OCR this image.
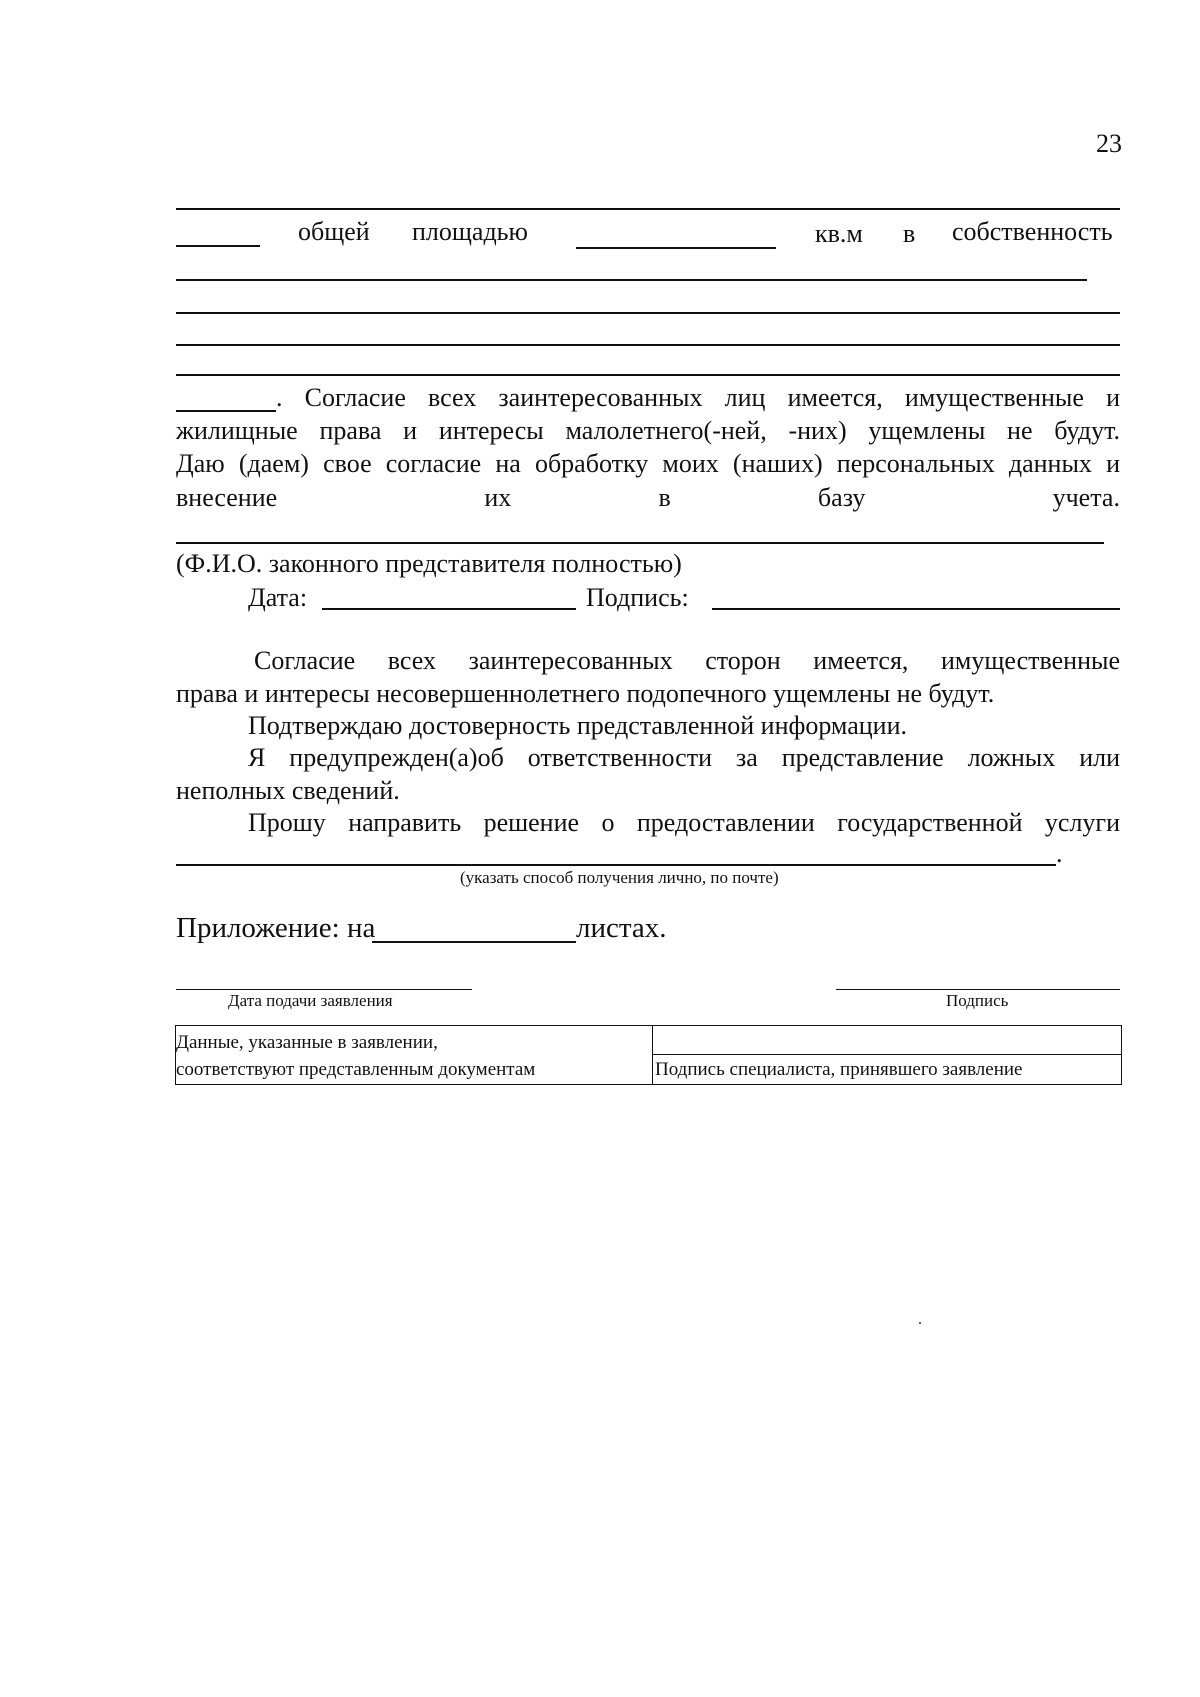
23
общей площадью	кв.м в собственность
. Согласие всех заинтересованных лиц имеется, имущественные и
жилищные права и интересы малолетнего(-ней, -них) ущемлены не будут.
Даю (даем) свое согласие на обработку моих (наших) персональных данных и
внесение	их	в	базу	учета.
(Ф.И.О. законного представителя полностью)
Дата:	Подпись:
Согласие всех заинтересованных сторон имеется, имущественные
права и интересы несовершеннолетнего подопечного ущемлены не будут.
Подтверждаю достоверность представленной информации.
Я предупрежден(а)об ответственности за представление ложных или
неполных сведений.
Прошу направить решение о предоставлении государственной услуги
.
(указать способ получения лично, по почте)
Приложение: на	листах.
Дата подачи заявления	Подпись
Данные, указанные в заявлении,
соответствуют представленным документам	Подпись специалиста, принявшего заявление
